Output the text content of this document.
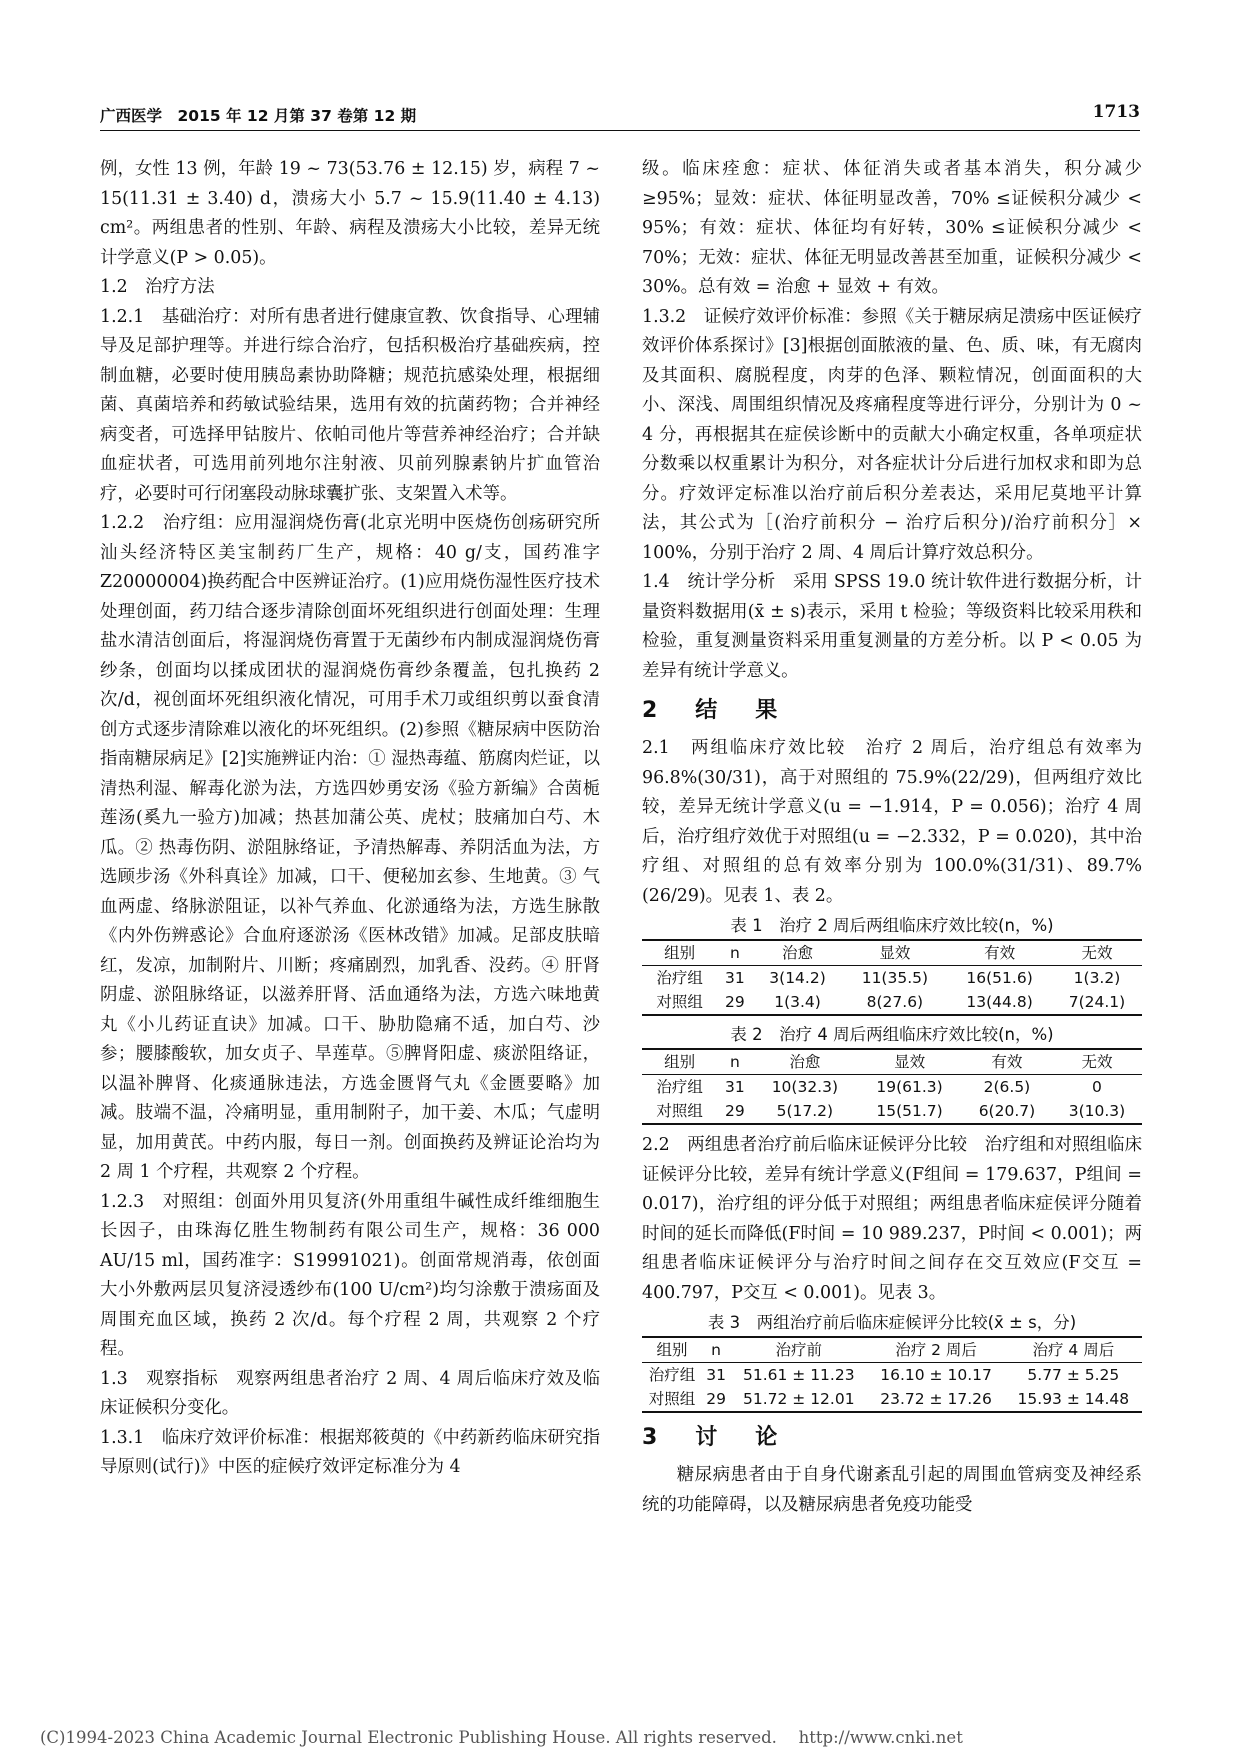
广西医学　2015 年 12 月第 37 卷第 12 期	1713

例，女性 13 例，年龄 19 ~ 73(53.76 ± 12.15) 岁，病程 7 ~ 15(11.31 ± 3.40) d，溃疡大小 5.7 ~ 15.9(11.40 ± 4.13) cm²。两组患者的性别、年龄、病程及溃疡大小比较，差异无统计学意义(P > 0.05)。

1.2　治疗方法

1.2.1　基础治疗：对所有患者进行健康宣教、饮食指导、心理辅导及足部护理等。并进行综合治疗，包括积极治疗基础疾病，控制血糖，必要时使用胰岛素协助降糖；规范抗感染处理，根据细菌、真菌培养和药敏试验结果，选用有效的抗菌药物；合并神经病变者，可选择甲钴胺片、依帕司他片等营养神经治疗；合并缺血症状者，可选用前列地尔注射液、贝前列腺素钠片扩血管治疗，必要时可行闭塞段动脉球囊扩张、支架置入术等。

1.2.2　治疗组：应用湿润烧伤膏(北京光明中医烧伤创疡研究所汕头经济特区美宝制药厂生产，规格：40 g/支，国药准字 Z20000004)换药配合中医辨证治疗。(1)应用烧伤湿性医疗技术处理创面，药刀结合逐步清除创面坏死组织进行创面处理：生理盐水清洁创面后，将湿润烧伤膏置于无菌纱布内制成湿润烧伤膏纱条，创面均以揉成团状的湿润烧伤膏纱条覆盖，包扎换药 2 次/d，视创面坏死组织液化情况，可用手术刀或组织剪以蚕食清创方式逐步清除难以液化的坏死组织。(2)参照《糖尿病中医防治指南糖尿病足》[2]实施辨证内治：① 湿热毒蕴、筋腐肉烂证，以清热利湿、解毒化淤为法，方选四妙勇安汤《验方新编》合茵栀莲汤(奚九一验方)加减；热甚加蒲公英、虎杖；肢痛加白芍、木瓜。② 热毒伤阴、淤阻脉络证，予清热解毒、养阴活血为法，方选顾步汤《外科真诠》加减，口干、便秘加玄参、生地黄。③ 气血两虚、络脉淤阻证，以补气养血、化淤通络为法，方选生脉散《内外伤辨惑论》合血府逐淤汤《医林改错》加减。足部皮肤暗红，发凉，加制附片、川断；疼痛剧烈，加乳香、没药。④ 肝肾阴虚、淤阻脉络证，以滋养肝肾、活血通络为法，方选六味地黄丸《小儿药证直诀》加减。口干、胁肋隐痛不适，加白芍、沙参；腰膝酸软，加女贞子、旱莲草。⑤脾肾阳虚、痰淤阻络证，以温补脾肾、化痰通脉违法，方选金匮肾气丸《金匮要略》加减。肢端不温，冷痛明显，重用制附子，加干姜、木瓜；气虚明显，加用黄芪。中药内服，每日一剂。创面换药及辨证论治均为 2 周 1 个疗程，共观察 2 个疗程。

1.2.3　对照组：创面外用贝复济(外用重组牛碱性成纤维细胞生长因子，由珠海亿胜生物制药有限公司生产，规格：36 000 AU/15 ml，国药准字：S19991021)。创面常规消毒，依创面大小外敷两层贝复济浸透纱布(100 U/cm²)均匀涂敷于溃疡面及周围充血区域，换药 2 次/d。每个疗程 2 周，共观察 2 个疗程。

1.3　观察指标　观察两组患者治疗 2 周、4 周后临床疗效及临床证候积分变化。

1.3.1　临床疗效评价标准：根据郑筱萸的《中药新药临床研究指导原则(试行)》中医的症候疗效评定标准分为 4

级。临床痊愈：症状、体征消失或者基本消失，积分减少≥95%；显效：症状、体征明显改善，70% ≤证候积分减少 < 95%；有效：症状、体征均有好转，30% ≤证候积分减少 < 70%；无效：症状、体征无明显改善甚至加重，证候积分减少 < 30%。总有效 = 治愈 + 显效 + 有效。

1.3.2　证候疗效评价标准：参照《关于糖尿病足溃疡中医证候疗效评价体系探讨》[3]根据创面脓液的量、色、质、味，有无腐肉及其面积、腐脱程度，肉芽的色泽、颗粒情况，创面面积的大小、深浅、周围组织情况及疼痛程度等进行评分，分别计为 0 ~ 4 分，再根据其在症侯诊断中的贡献大小确定权重，各单项症状分数乘以权重累计为积分，对各症状计分后进行加权求和即为总分。疗效评定标准以治疗前后积分差表达，采用尼莫地平计算法，其公式为［(治疗前积分 − 治疗后积分)/治疗前积分］× 100%，分别于治疗 2 周、4 周后计算疗效总积分。

1.4　统计学分析　采用 SPSS 19.0 统计软件进行数据分析，计量资料数据用(x̄ ± s)表示，采用 t 检验；等级资料比较采用秩和检验，重复测量资料采用重复测量的方差分析。以 P < 0.05 为差异有统计学意义。

2　结　果

2.1　两组临床疗效比较　治疗 2 周后，治疗组总有效率为 96.8%(30/31)，高于对照组的 75.9%(22/29)，但两组疗效比较，差异无统计学意义(u = −1.914，P = 0.056)；治疗 4 周后，治疗组疗效优于对照组(u = −2.332，P = 0.020)，其中治疗组、对照组的总有效率分别为 100.0%(31/31)、89.7%(26/29)。见表 1、表 2。

表 1　治疗 2 周后两组临床疗效比较(n，%)
组别	n	治愈	显效	有效	无效
治疗组	31	3(14.2)	11(35.5)	16(51.6)	1(3.2)
对照组	29	1(3.4)	8(27.6)	13(44.8)	7(24.1)
表 2　治疗 4 周后两组临床疗效比较(n，%)
组别	n	治愈	显效	有效	无效
治疗组	31	10(32.3)	19(61.3)	2(6.5)	0
对照组	29	5(17.2)	15(51.7)	6(20.7)	3(10.3)

2.2　两组患者治疗前后临床证候评分比较　治疗组和对照组临床证候评分比较，差异有统计学意义(F组间 = 179.637，P组间 = 0.017)，治疗组的评分低于对照组；两组患者临床症侯评分随着时间的延长而降低(F时间 = 10 989.237，P时间 < 0.001)；两组患者临床证候评分与治疗时间之间存在交互效应(F交互 = 400.797，P交互 < 0.001)。见表 3。

表 3　两组治疗前后临床症候评分比较(x̄ ± s，分)
组别	n	治疗前	治疗 2 周后	治疗 4 周后
治疗组	31	51.61 ± 11.23	16.10 ± 10.17	5.77 ± 5.25
对照组	29	51.72 ± 12.01	23.72 ± 17.26	15.93 ± 14.48
3　讨　论

糖尿病患者由于自身代谢紊乱引起的周围血管病变及神经系统的功能障碍，以及糖尿病患者免疫功能受

(C)1994-2023 China Academic Journal Electronic Publishing House. All rights reserved.　 http://www.cnki.net
